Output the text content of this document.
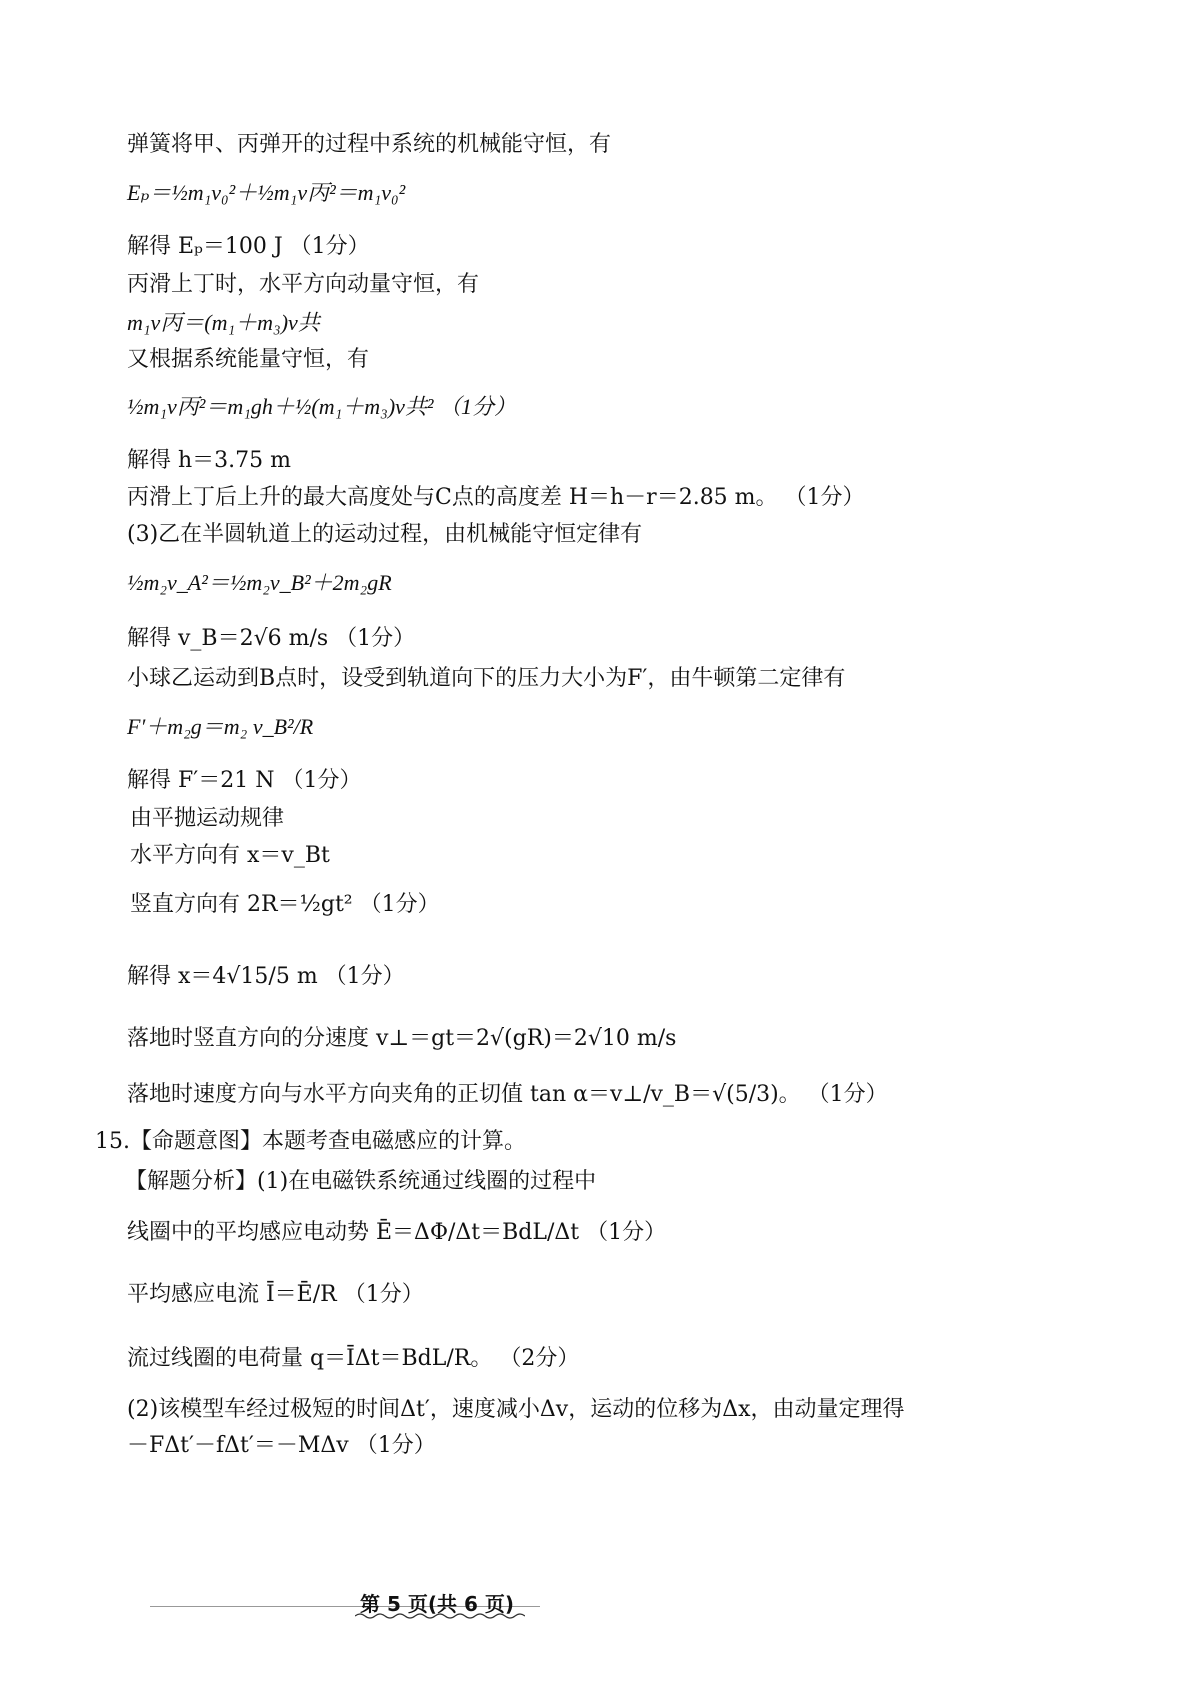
弹簧将甲、丙弹开的过程中系统的机械能守恒，有
Eₚ＝½m₁v₀²＋½m₁v丙²＝m₁v₀²
解得 Eₚ＝100 J （1分）
丙滑上丁时，水平方向动量守恒，有
m₁v丙＝(m₁＋m₃)v共
又根据系统能量守恒，有
½m₁v丙²＝m₁gh＋½(m₁＋m₃)v共² （1分）
解得 h＝3.75 m
丙滑上丁后上升的最大高度处与C点的高度差 H＝h－r＝2.85 m。 （1分）
(3)乙在半圆轨道上的运动过程，由机械能守恒定律有
½m₂v_A²＝½m₂v_B²＋2m₂gR
解得 v_B＝2√6 m/s （1分）
小球乙运动到B点时，设受到轨道向下的压力大小为F′，由牛顿第二定律有
F′＋m₂g＝m₂ v_B²/R
解得 F′＝21 N （1分）
由平抛运动规律
水平方向有 x＝v_Bt
竖直方向有 2R＝½gt² （1分）
解得 x＝4√15/5 m （1分）
落地时竖直方向的分速度 v⊥＝gt＝2√(gR)＝2√10 m/s
落地时速度方向与水平方向夹角的正切值 tan α＝v⊥/v_B＝√(5/3)。 （1分）
15.【命题意图】本题考查电磁感应的计算。
【解题分析】(1)在电磁铁系统通过线圈的过程中
线圈中的平均感应电动势 Ē＝ΔΦ/Δt＝BdL/Δt （1分）
平均感应电流 Ī＝Ē/R （1分）
流过线圈的电荷量 q＝ĪΔt＝BdL/R。 （2分）
(2)该模型车经过极短的时间Δt′，速度减小Δv，运动的位移为Δx，由动量定理得
－FΔt′－fΔt′＝－MΔv （1分）
第 5 页(共 6 页)
